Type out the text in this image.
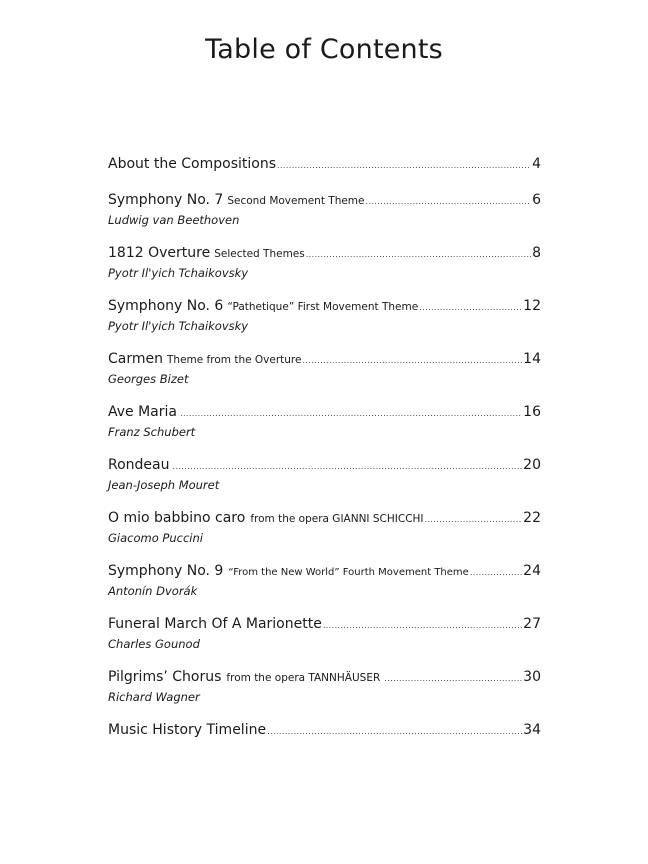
Table of Contents
About the Compositions .....	4
Symphony No. 7 Second Movement Theme .....	6
Ludwig van Beethoven
1812 Overture Selected Themes .....	8
Pyotr Il'yich Tchaikovsky
Symphony No. 6 “Pathetique” First Movement Theme .....	12
Pyotr Il'yich Tchaikovsky
Carmen Theme from the Overture .....	14
Georges Bizet
Ave Maria .....	16
Franz Schubert
Rondeau .....	20
Jean-Joseph Mouret
O mio babbino caro from the opera GIANNI SCHICCHI .....	22
Giacomo Puccini
Symphony No. 9 “From the New World” Fourth Movement Theme .....	24
Antonín Dvorák
Funeral March Of A Marionette .....	27
Charles Gounod
Pilgrims’ Chorus from the opera TANNHÄUSER .....	30
Richard Wagner
Music History Timeline .....	34
